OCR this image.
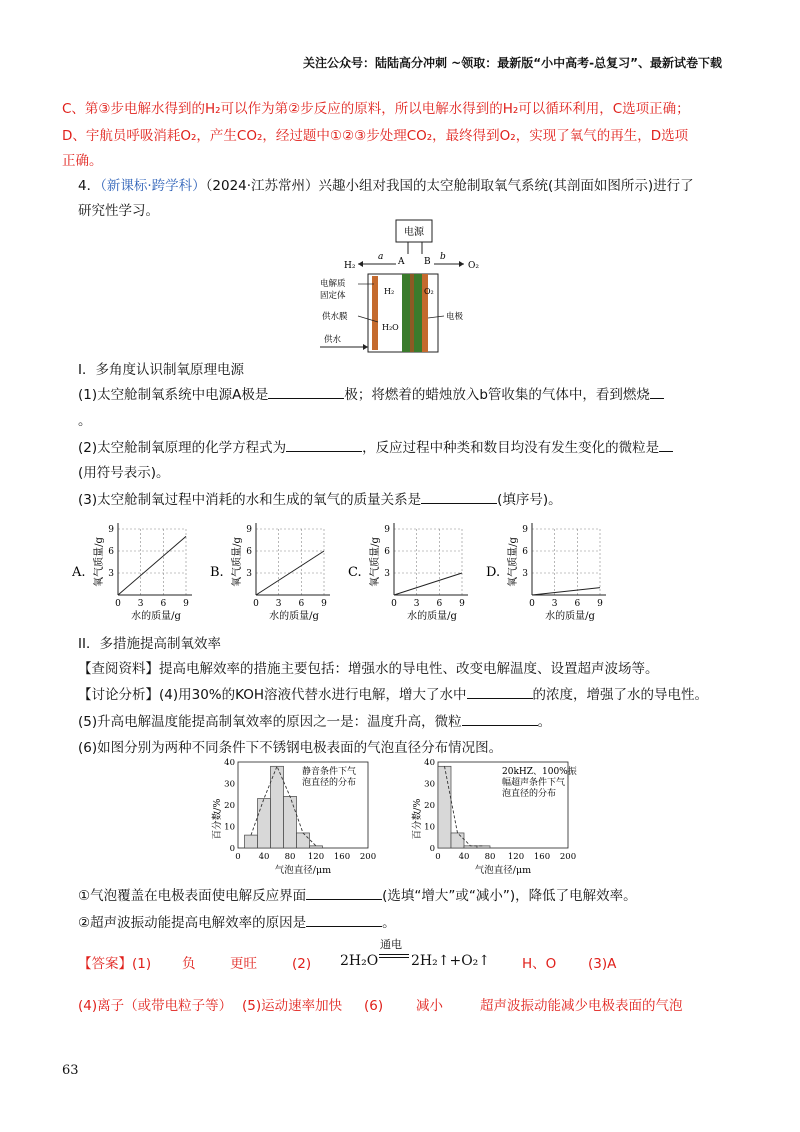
关注公众号：陆陆高分冲刺 ~领取：最新版“小中高考-总复习”、最新试卷下载
C、第③步电解水得到的H₂可以作为第②步反应的原料，所以电解水得到的H₂可以循环利用，C选项正确；
D、宇航员呼吸消耗O₂，产生CO₂，经过题中①②③步处理CO₂，最终得到O₂，实现了氧气的再生，D选项
正确。
4．（新课标·跨学科）（2024·江苏常州）兴趣小组对我国的太空舱制取氧气系统(其剖面如图所示)进行了
研究性学习。
电源
A B
a	b
H₂	O₂
H₂	O₂
H₂O
电解质
固定体
供水膜
供水
电极
I．多角度认识制氧原理电源
(1)太空舱制氧系统中电源A极是	极；将燃着的蜡烛放入b管收集的气体中，看到燃烧
。
(2)太空舱制氧原理的化学方程式为	，反应过程中种类和数目均没有发生变化的微粒是
(用符号表示)。
(3)太空舱制氧过程中消耗的水和生成的氧气的质量关系是	(填序号)。
A.
0 3
3
6
6
9
9
水的质量/g
氧气质量/g	B.
0 3
3
6
6
9
9
水的质量/g
氧气质量/g	C.
0 3
3
6
6
9
9
水的质量/g
氧气质量/g	D.
0 3
3
6
6
9
9
水的质量/g
氧气质量/g
II．多措施提高制氧效率
【查阅资料】提高电解效率的措施主要包括：增强水的导电性、改变电解温度、设置超声波场等。
【讨论分析】(4)用30%的KOH溶液代替水进行电解，增大了水中	的浓度，增强了水的导电性。
(5)升高电解温度能提高制氧效率的原因之一是：温度升高，微粒	。
(6)如图分别为两种不同条件下不锈钢电极表面的气泡直径分布情况图。
0 40 80 120 160 200
0
10
20
30
40
气泡直径/μm
百分数/%
静音条件下气
泡直径的分布
0 40 80 120 160 200
0
10
20
30
40
气泡直径/μm
百分数/%
20kHZ、100%振
幅超声条件下气
泡直径的分布
①气泡覆盖在电极表面使电解反应界面	(选填“增大”或“减小”)，降低了电解效率。
②超声波振动能提高电解效率的原因是	。
【答案】(1) 负	更旺	(2) 2H₂O
通电
2H₂↑+O₂↑ H、O (3)A
(4)离子（或带电粒子等） (5)运动速率加快 (6) 减小	超声波振动能减少电极表面的气泡
63
